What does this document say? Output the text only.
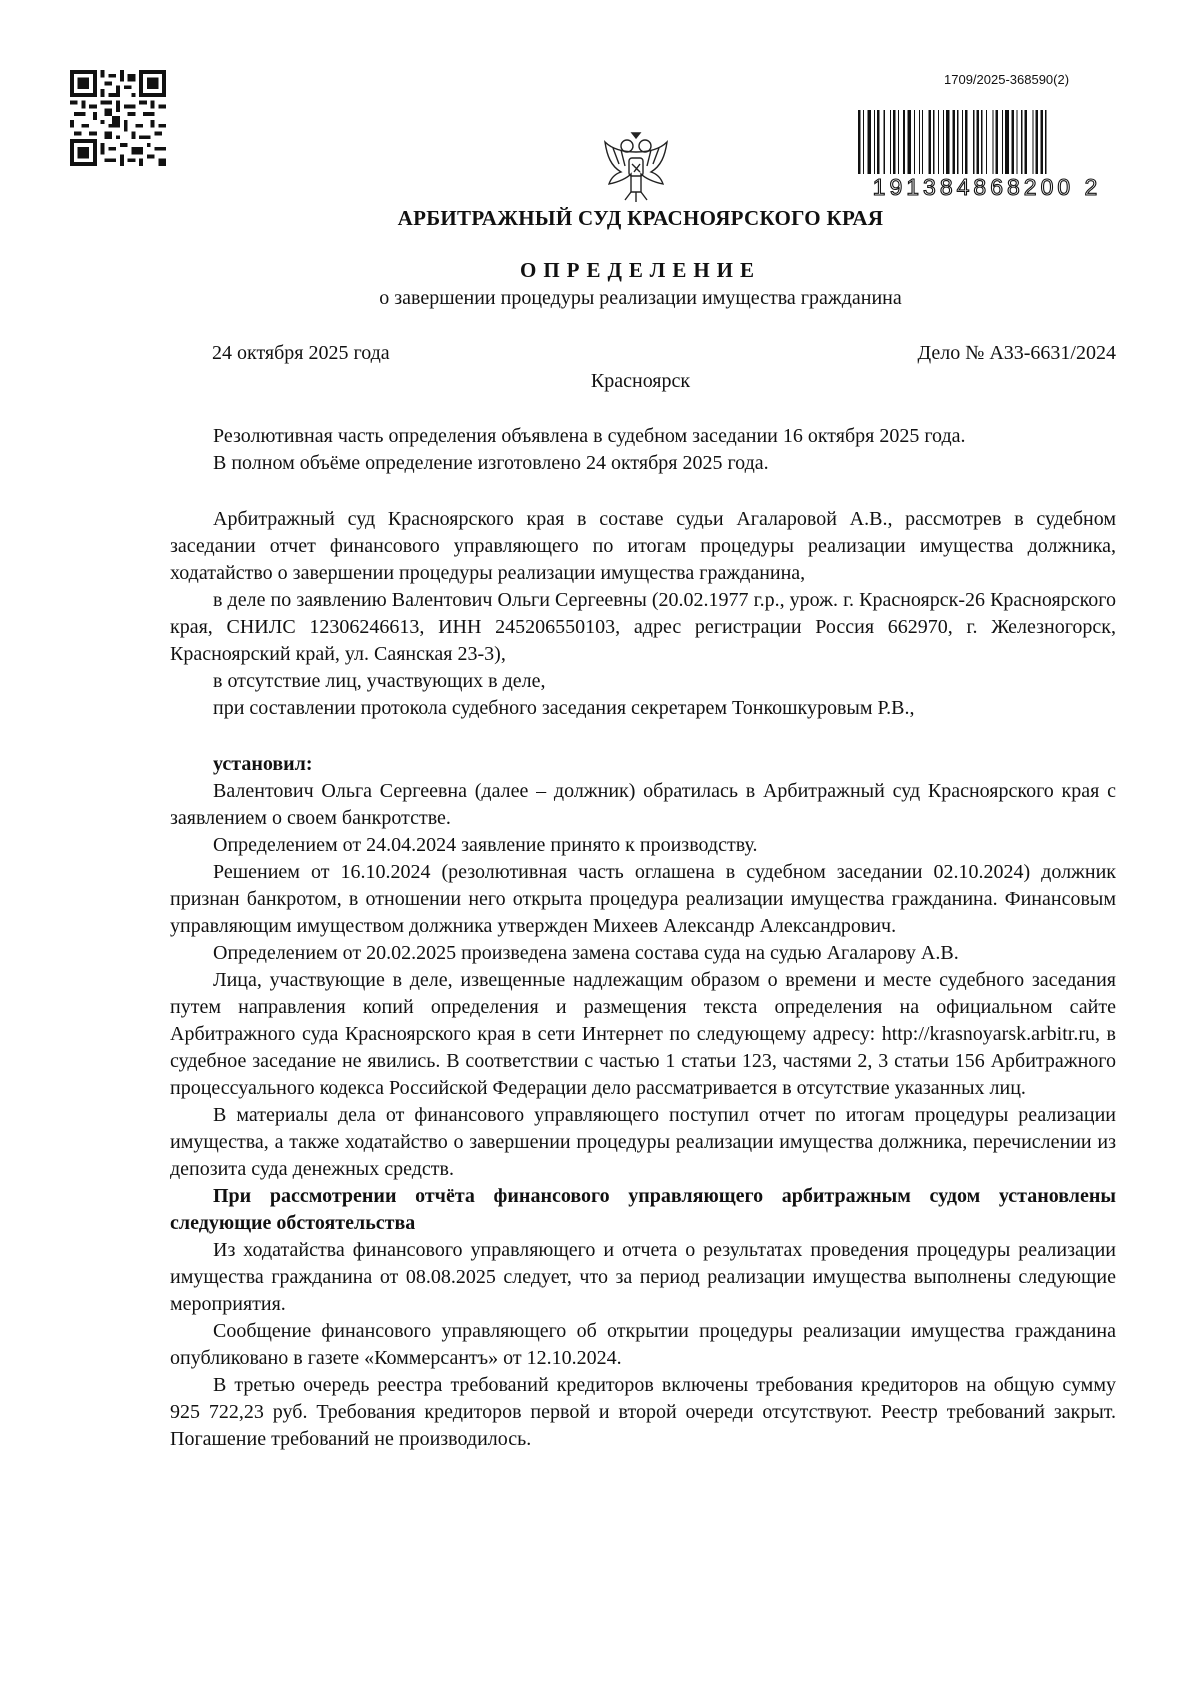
1709/2025-368590(2)
191384868200 2
АРБИТРАЖНЫЙ СУД КРАСНОЯРСКОГО КРАЯ
ОПРЕДЕЛЕНИЕ
о завершении процедуры реализации имущества гражданина
24 октября 2025 года	Дело № А33-6631/2024
Красноярск

Резолютивная часть определения объявлена в судебном заседании 16 октября 2025 года.

В полном объёме определение изготовлено 24 октября 2025 года.

Арбитражный суд Красноярского края в составе судьи Агаларовой А.В., рассмотрев в судебном заседании отчет финансового управляющего по итогам процедуры реализации имущества должника, ходатайство о завершении процедуры реализации имущества гражданина,

в деле по заявлению Валентович Ольги Сергеевны (20.02.1977 г.р., урож. г. Красноярск-26 Красноярского края, СНИЛС 12306246613, ИНН 245206550103, адрес регистрации Россия 662970, г. Железногорск, Красноярский край, ул. Саянская 23-3),

в отсутствие лиц, участвующих в деле,

при составлении протокола судебного заседания секретарем Тонкошкуровым Р.В.,

установил:

Валентович Ольга Сергеевна (далее – должник) обратилась в Арбитражный суд Красноярского края с заявлением о своем банкротстве.

Определением от 24.04.2024 заявление принято к производству.

Решением от 16.10.2024 (резолютивная часть оглашена в судебном заседании 02.10.2024) должник признан банкротом, в отношении него открыта процедура реализации имущества гражданина. Финансовым управляющим имуществом должника утвержден Михеев Александр Александрович.

Определением от 20.02.2025 произведена замена состава суда на судью Агаларову А.В.

Лица, участвующие в деле, извещенные надлежащим образом о времени и месте судебного заседания путем направления копий определения и размещения текста определения на официальном сайте Арбитражного суда Красноярского края в сети Интернет по следующему адресу: http://krasnoyarsk.arbitr.ru, в судебное заседание не явились. В соответствии с частью 1 статьи 123, частями 2, 3 статьи 156 Арбитражного процессуального кодекса Российской Федерации дело рассматривается в отсутствие указанных лиц.

В материалы дела от финансового управляющего поступил отчет по итогам процедуры реализации имущества, а также ходатайство о завершении процедуры реализации имущества должника, перечислении из депозита суда денежных средств.

При рассмотрении отчёта финансового управляющего арбитражным судом установлены следующие обстоятельства

Из ходатайства финансового управляющего и отчета о результатах проведения процедуры реализации имущества гражданина от 08.08.2025 следует, что за период реализации имущества выполнены следующие мероприятия.

Сообщение финансового управляющего об открытии процедуры реализации имущества гражданина опубликовано в газете «Коммерсантъ» от 12.10.2024.

В третью очередь реестра требований кредиторов включены требования кредиторов на общую сумму 925 722,23 руб. Требования кредиторов первой и второй очереди отсутствуют. Реестр требований закрыт. Погашение требований не производилось.
